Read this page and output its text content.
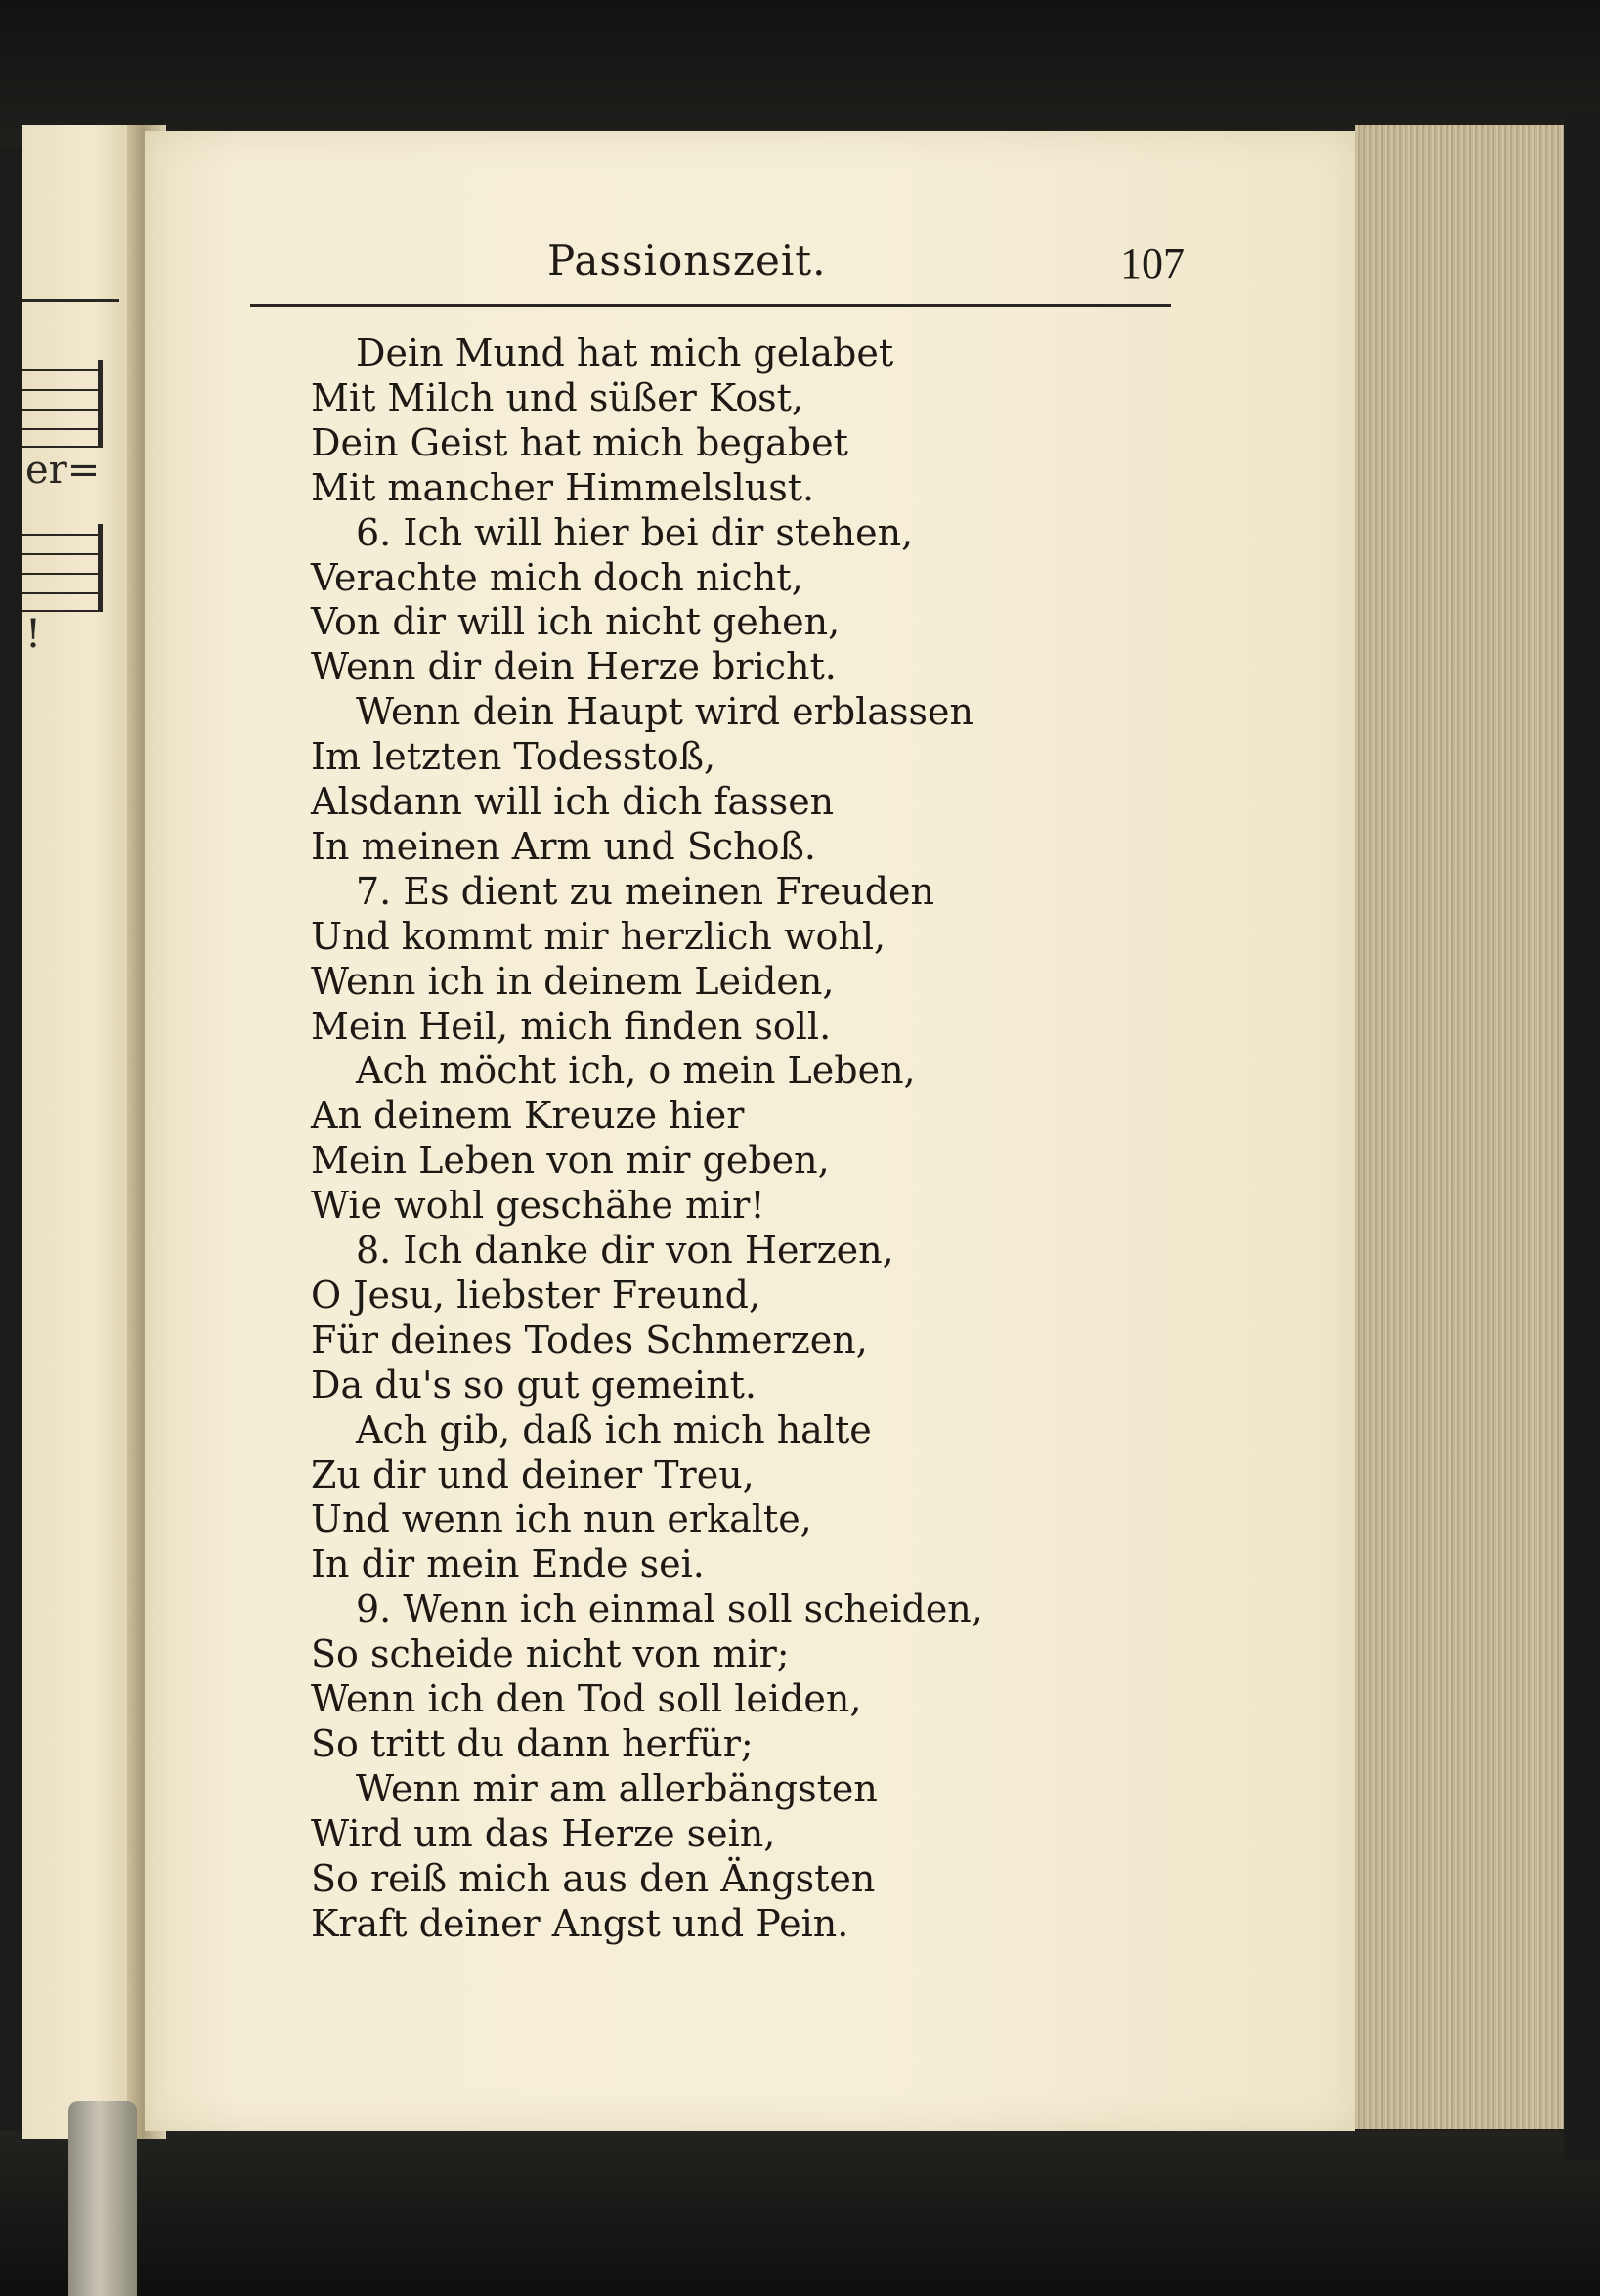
er=
!
Passionszeit.	107
Dein Mund hat mich gelabet
Mit Milch und süßer Kost,
Dein Geist hat mich begabet
Mit mancher Himmelslust.
6. Ich will hier bei dir stehen,
Verachte mich doch nicht,
Von dir will ich nicht gehen,
Wenn dir dein Herze bricht.
Wenn dein Haupt wird erblassen
Im letzten Todesstoß,
Alsdann will ich dich fassen
In meinen Arm und Schoß.
7. Es dient zu meinen Freuden
Und kommt mir herzlich wohl,
Wenn ich in deinem Leiden,
Mein Heil, mich finden soll.
Ach möcht ich, o mein Leben,
An deinem Kreuze hier
Mein Leben von mir geben,
Wie wohl geschähe mir!
8. Ich danke dir von Herzen,
O Jesu, liebster Freund,
Für deines Todes Schmerzen,
Da du's so gut gemeint.
Ach gib, daß ich mich halte
Zu dir und deiner Treu,
Und wenn ich nun erkalte,
In dir mein Ende sei.
9. Wenn ich einmal soll scheiden,
So scheide nicht von mir;
Wenn ich den Tod soll leiden,
So tritt du dann herfür;
Wenn mir am allerbängsten
Wird um das Herze sein,
So reiß mich aus den Ängsten
Kraft deiner Angst und Pein.
